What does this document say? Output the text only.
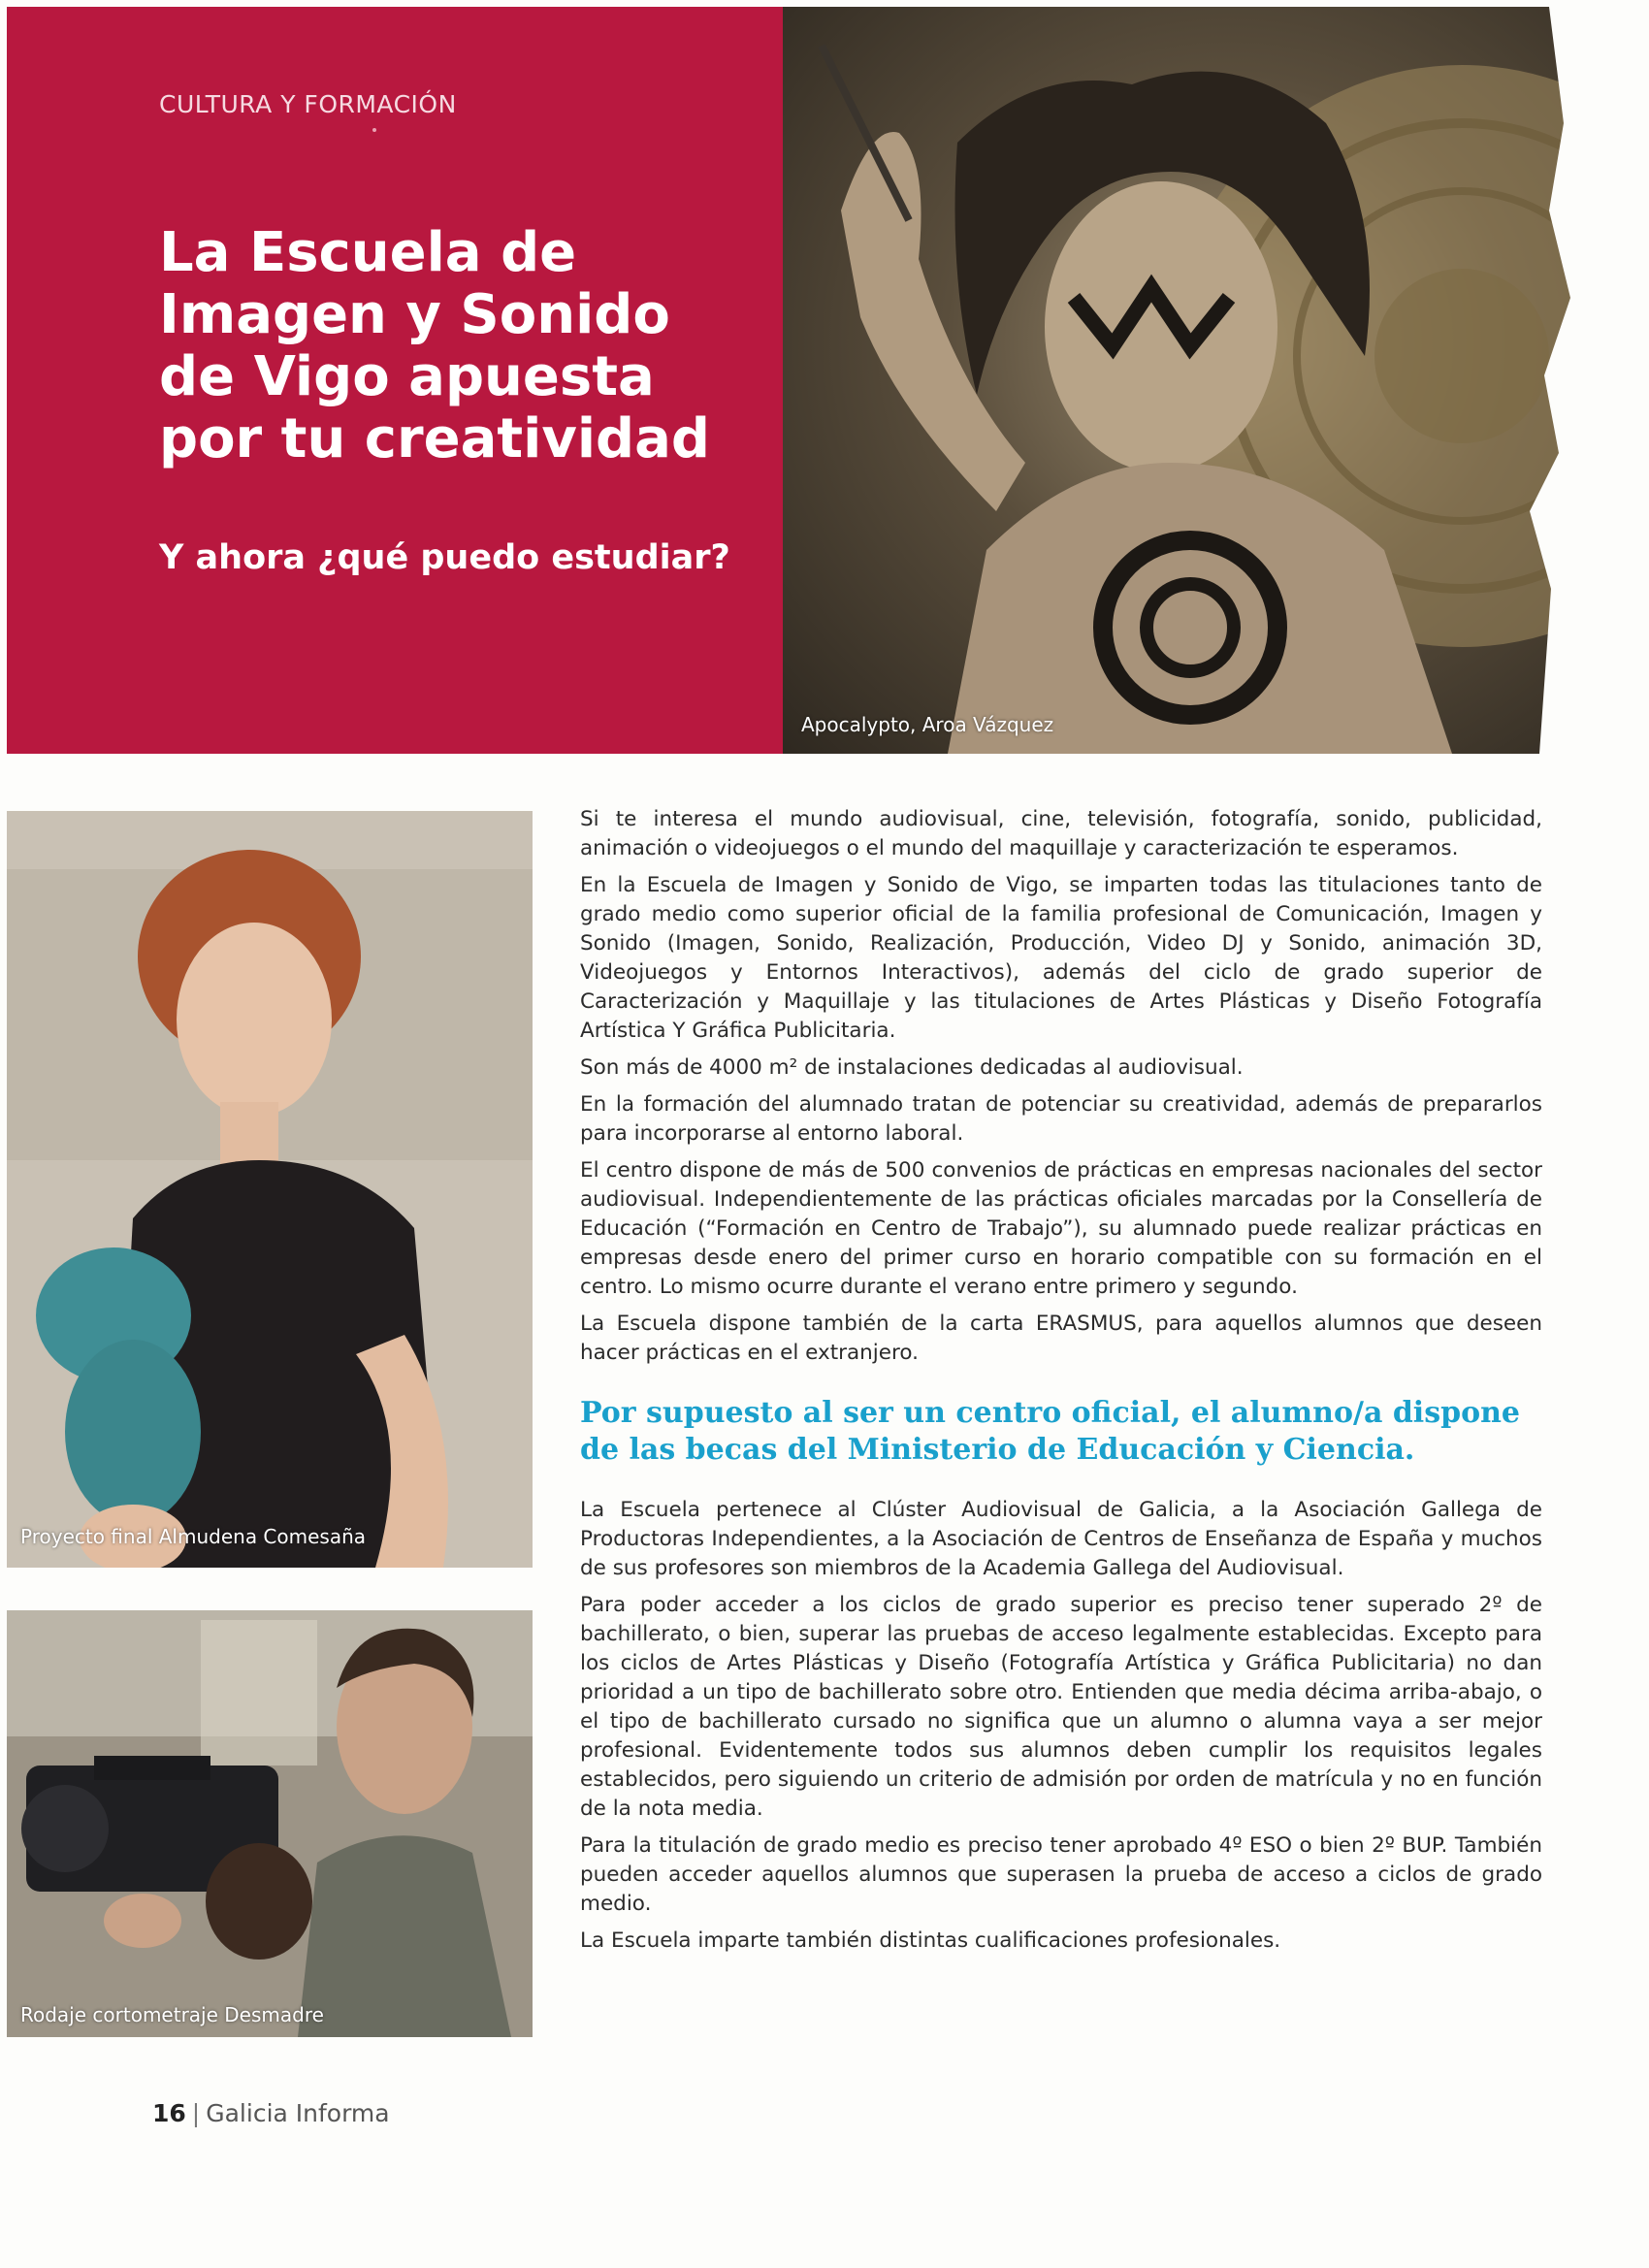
CULTURA Y FORMACIÓN
La Escuela de Imagen y Sonido de Vigo apuesta por tu creatividad
Y ahora ¿qué puedo estudiar?
Apocalypto, Aroa Vázquez
Proyecto final Almudena Comesaña
Rodaje cortometraje Desmadre

Si te interesa el mundo audiovisual, cine, televisión, fotografía, sonido, publicidad, animación o videojuegos o el mundo del maquillaje y caracterización te esperamos.

En la Escuela de Imagen y Sonido de Vigo, se imparten todas las titulaciones tanto de grado medio como superior oficial de la familia profesional de Comunicación, Imagen y Sonido (Imagen, Sonido, Realización, Producción, Video DJ y Sonido, animación 3D, Videojuegos y Entornos Interactivos), además del ciclo de grado superior de Caracterización y Maquillaje y las titulaciones de Artes Plásticas y Diseño Fotografía Artística Y Gráfica Publicitaria.

Son más de 4000 m² de instalaciones dedicadas al audiovisual.

En la formación del alumnado tratan de potenciar su creatividad, además de prepararlos para incorporarse al entorno laboral.

El centro dispone de más de 500 convenios de prácticas en empresas nacionales del sector audiovisual. Independientemente de las prácticas oficiales marcadas por la Consellería de Educación (“Formación en Centro de Trabajo”), su alumnado puede realizar prácticas en empresas desde enero del primer curso en horario compatible con su formación en el centro. Lo mismo ocurre durante el verano entre primero y segundo.

La Escuela dispone también de la carta ERASMUS, para aquellos alumnos que deseen hacer prácticas en el extranjero.

Por supuesto al ser un centro oficial, el alumno/a dispone de las becas del Ministerio de Educación y Ciencia.

La Escuela pertenece al Clúster Audiovisual de Galicia, a la Asociación Gallega de Productoras Independientes, a la Asociación de Centros de Enseñanza de España y muchos de sus profesores son miembros de la Academia Gallega del Audiovisual.

Para poder acceder a los ciclos de grado superior es preciso tener superado 2º de bachillerato, o bien, superar las pruebas de acceso legalmente establecidas. Excepto para los ciclos de Artes Plásticas y Diseño (Fotografía Artística y Gráfica Publicitaria) no dan prioridad a un tipo de bachillerato sobre otro. Entienden que media décima arriba-abajo, o el tipo de bachillerato cursado no significa que un alumno o alumna vaya a ser mejor profesional. Evidentemente todos sus alumnos deben cumplir los requisitos legales establecidos, pero siguiendo un criterio de admisión por orden de matrícula y no en función de la nota media.

Para la titulación de grado medio es preciso tener aprobado 4º ESO o bien 2º BUP. También pueden acceder aquellos alumnos que superasen la prueba de acceso a ciclos de grado medio.

La Escuela imparte también distintas cualificaciones profesionales.

16 | Galicia Informa
